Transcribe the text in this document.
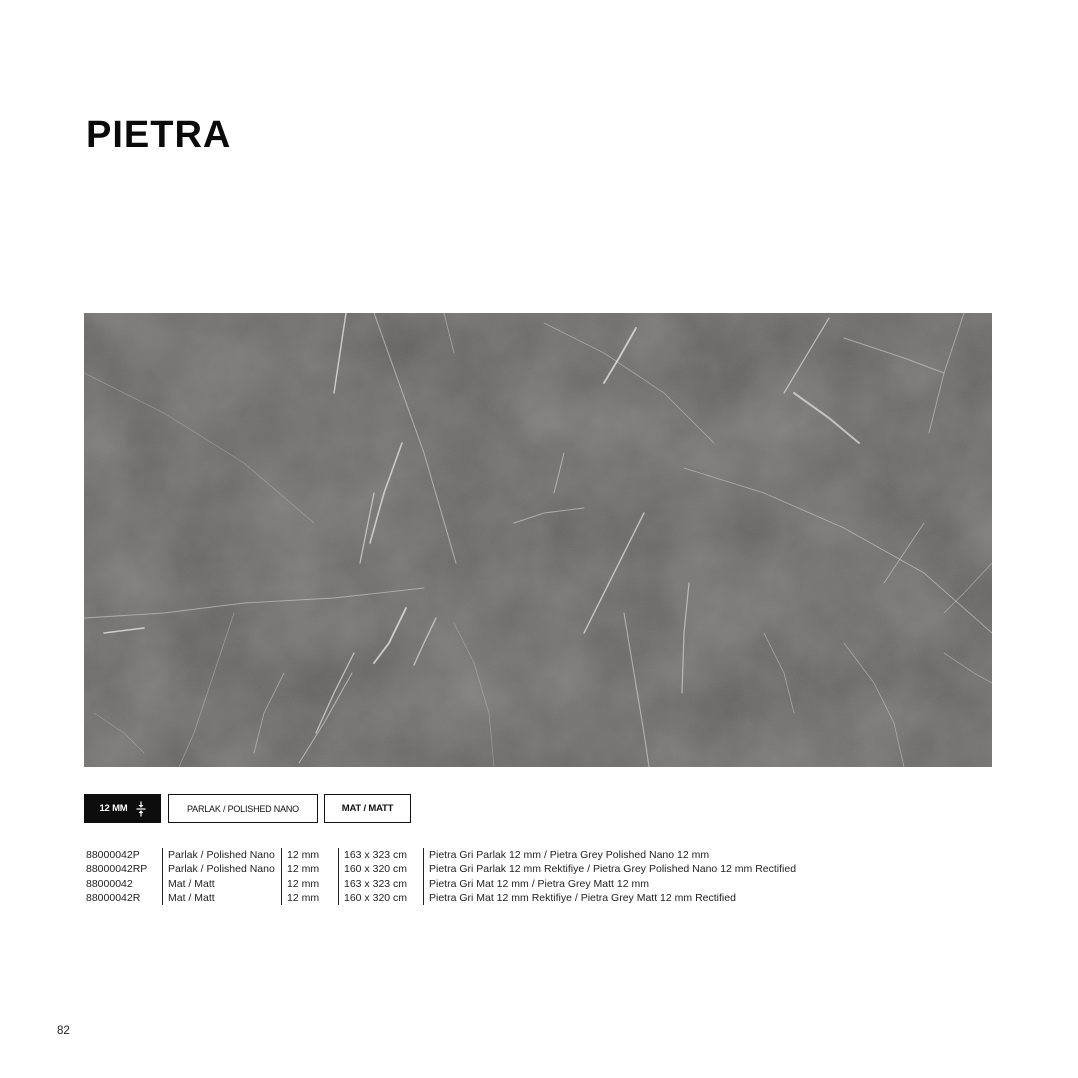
PIETRA
12 MM	PARLAK / POLISHED NANO	MAT / MATT
88000042P	Parlak / Polished Nano	12 mm	163 x 323 cm	Pietra Gri Parlak 12 mm / Pietra Grey Polished Nano 12 mm
88000042RP	Parlak / Polished Nano	12 mm	160 x 320 cm	Pietra Gri Parlak 12 mm Rektifiye / Pietra Grey Polished Nano 12 mm Rectified
88000042	Mat / Matt	12 mm	163 x 323 cm	Pietra Gri Mat 12 mm / Pietra Grey Matt 12 mm
88000042R	Mat / Matt	12 mm	160 x 320 cm	Pietra Gri Mat 12 mm Rektifiye / Pietra Grey Matt 12 mm Rectified
82
